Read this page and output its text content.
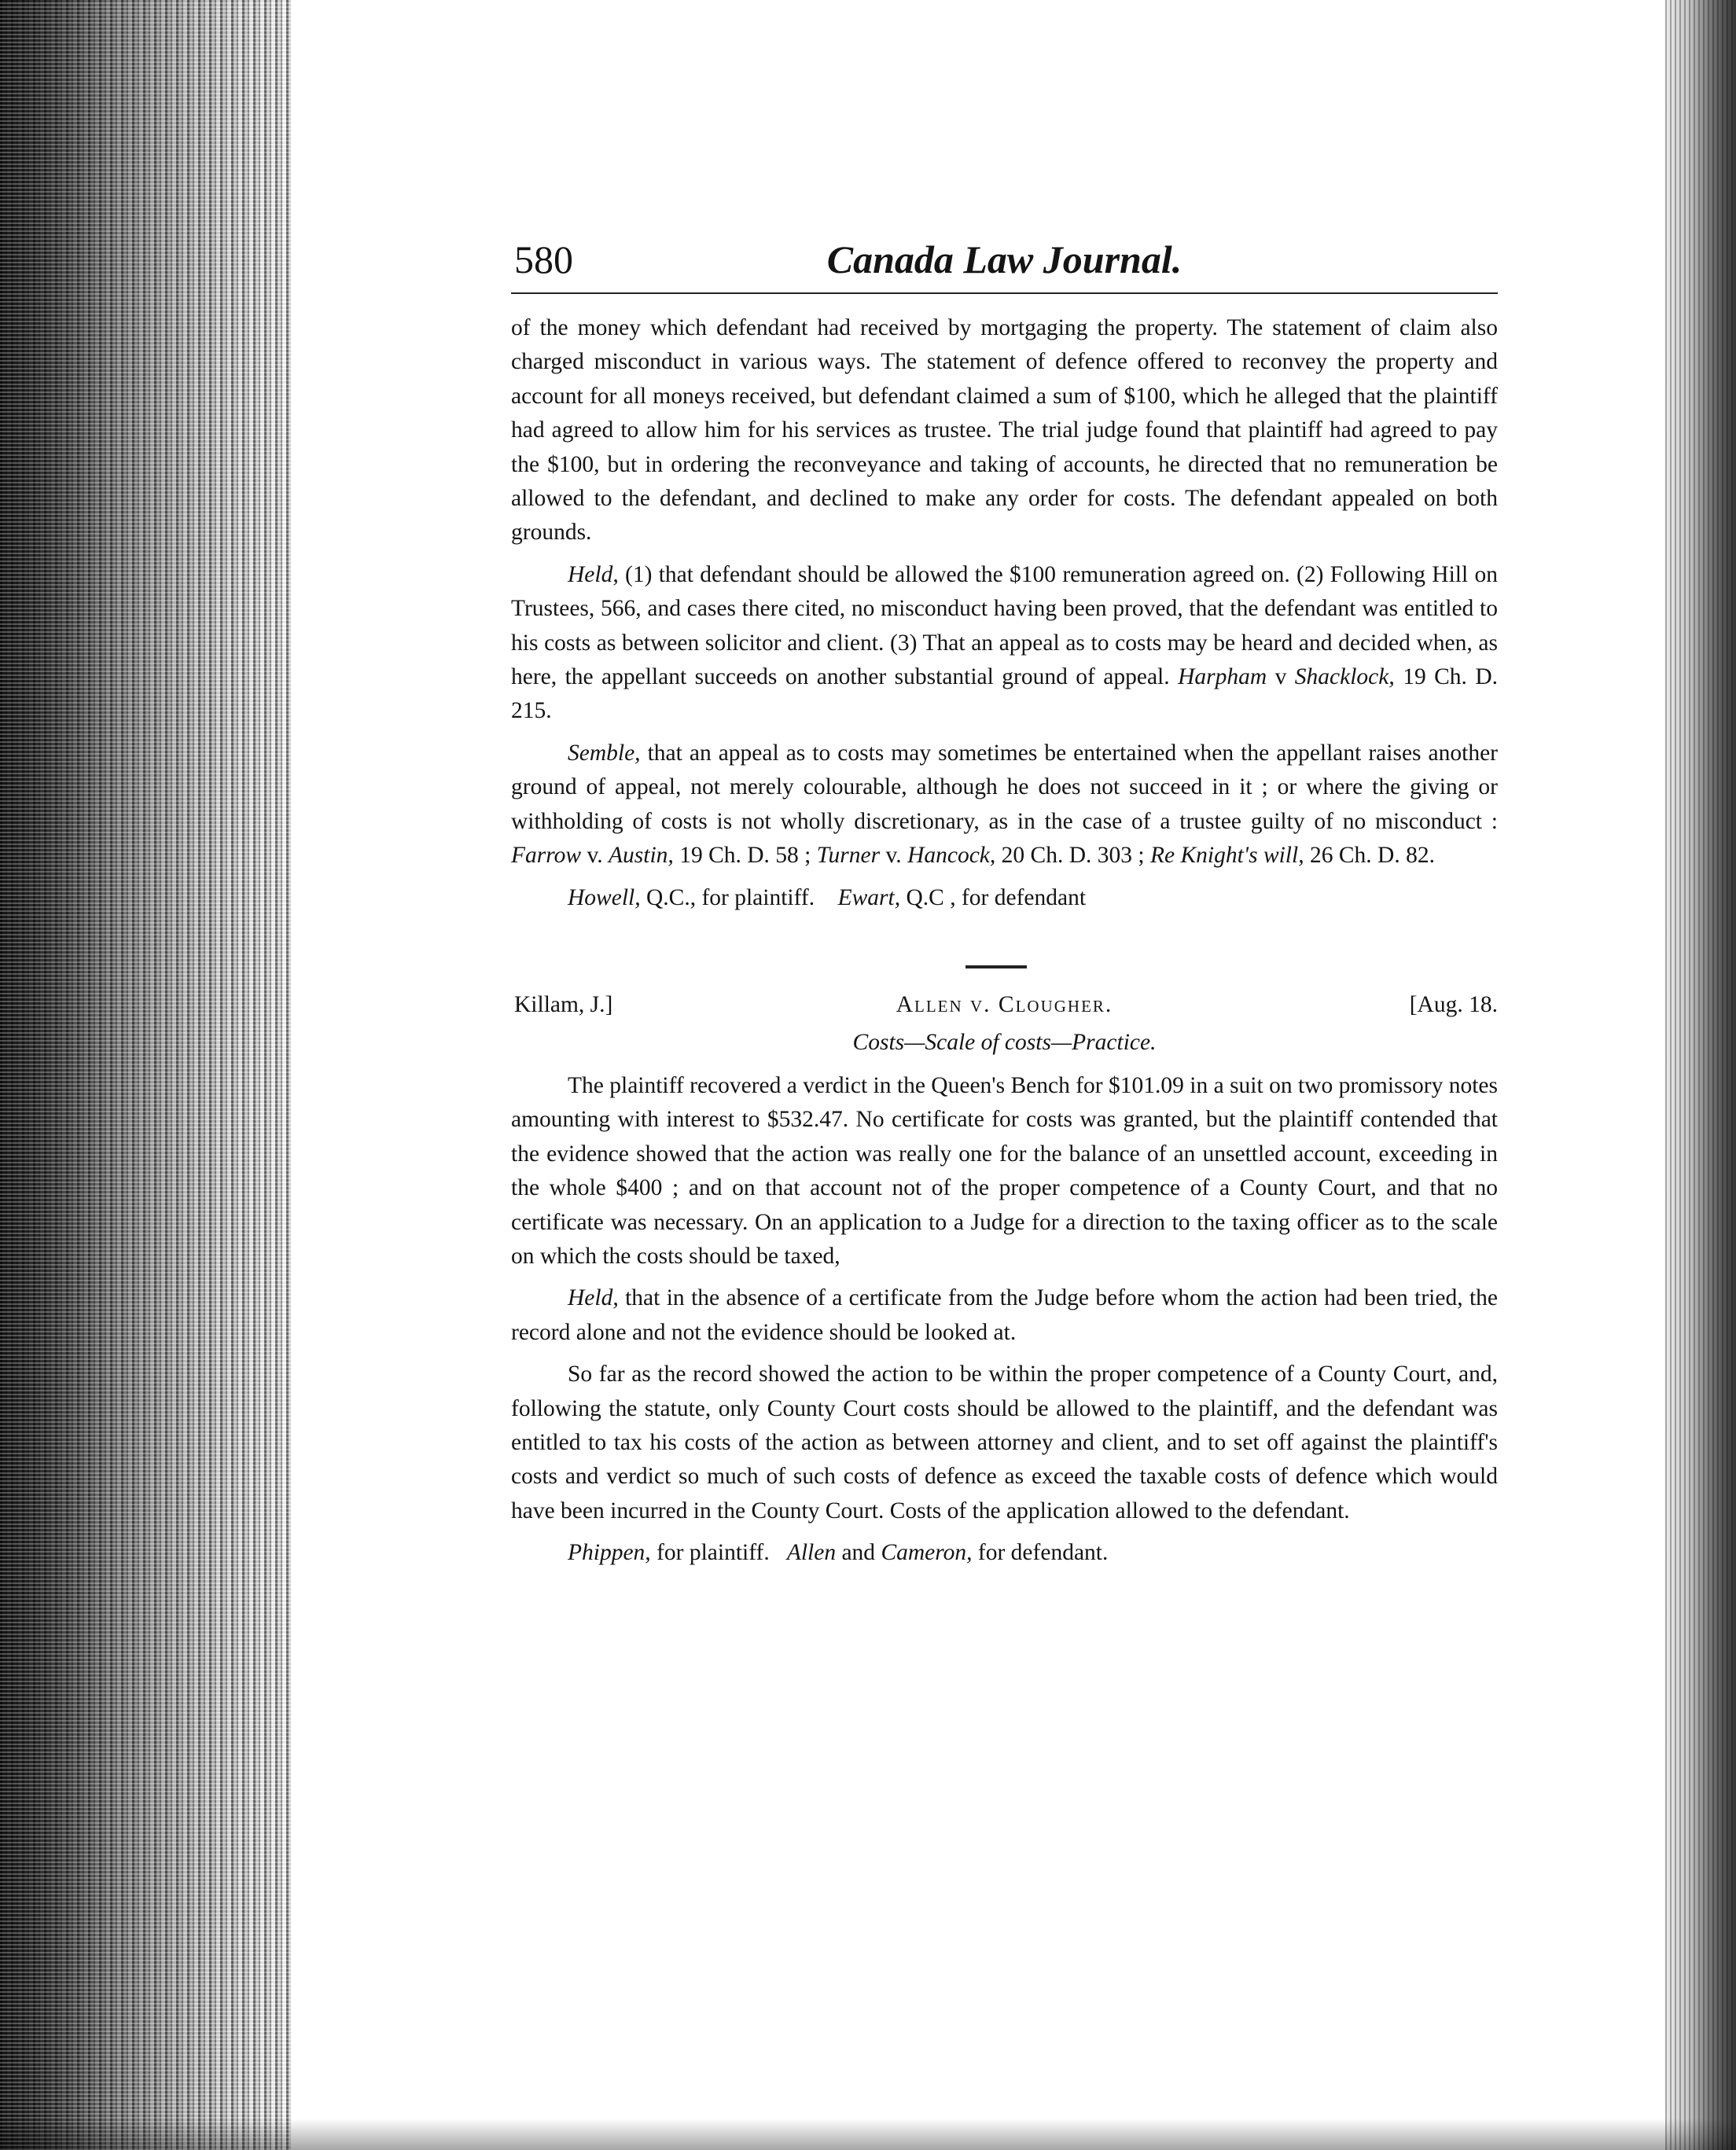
580	Canada Law Journal.

of the money which defendant had received by mortgaging the property. The statement of claim also charged misconduct in various ways. The statement of defence offered to reconvey the property and account for all moneys received, but defendant claimed a sum of $100, which he alleged that the plaintiff had agreed to allow him for his services as trustee. The trial judge found that plaintiff had agreed to pay the $100, but in ordering the reconveyance and taking of accounts, he directed that no remuneration be allowed to the defendant, and declined to make any order for costs. The defendant appealed on both grounds.

Held, (1) that defendant should be allowed the $100 remuneration agreed on. (2) Following Hill on Trustees, 566, and cases there cited, no misconduct having been proved, that the defendant was entitled to his costs as between solicitor and client. (3) That an appeal as to costs may be heard and decided when, as here, the appellant succeeds on another substantial ground of appeal. Harpham v Shacklock, 19 Ch. D. 215.

Semble, that an appeal as to costs may sometimes be entertained when the appellant raises another ground of appeal, not merely colourable, although he does not succeed in it ; or where the giving or withholding of costs is not wholly discretionary, as in the case of a trustee guilty of no misconduct : Farrow v. Austin, 19 Ch. D. 58 ; Turner v. Hancock, 20 Ch. D. 303 ; Re Knight's will, 26 Ch. D. 82.

Howell, Q.C., for plaintiff. Ewart, Q.C , for defendant

Killam, J.]	Allen v. Clougher.	[Aug. 18.
Costs—Scale of costs—Practice.

The plaintiff recovered a verdict in the Queen's Bench for $101.09 in a suit on two promissory notes amounting with interest to $532.47. No certificate for costs was granted, but the plaintiff contended that the evidence showed that the action was really one for the balance of an unsettled account, exceeding in the whole $400 ; and on that account not of the proper competence of a County Court, and that no certificate was necessary. On an application to a Judge for a direction to the taxing officer as to the scale on which the costs should be taxed,

Held, that in the absence of a certificate from the Judge before whom the action had been tried, the record alone and not the evidence should be looked at.

So far as the record showed the action to be within the proper competence of a County Court, and, following the statute, only County Court costs should be allowed to the plaintiff, and the defendant was entitled to tax his costs of the action as between attorney and client, and to set off against the plaintiff's costs and verdict so much of such costs of defence as exceed the taxable costs of defence which would have been incurred in the County Court. Costs of the application allowed to the defendant.

Phippen, for plaintiff. Allen and Cameron, for defendant.
